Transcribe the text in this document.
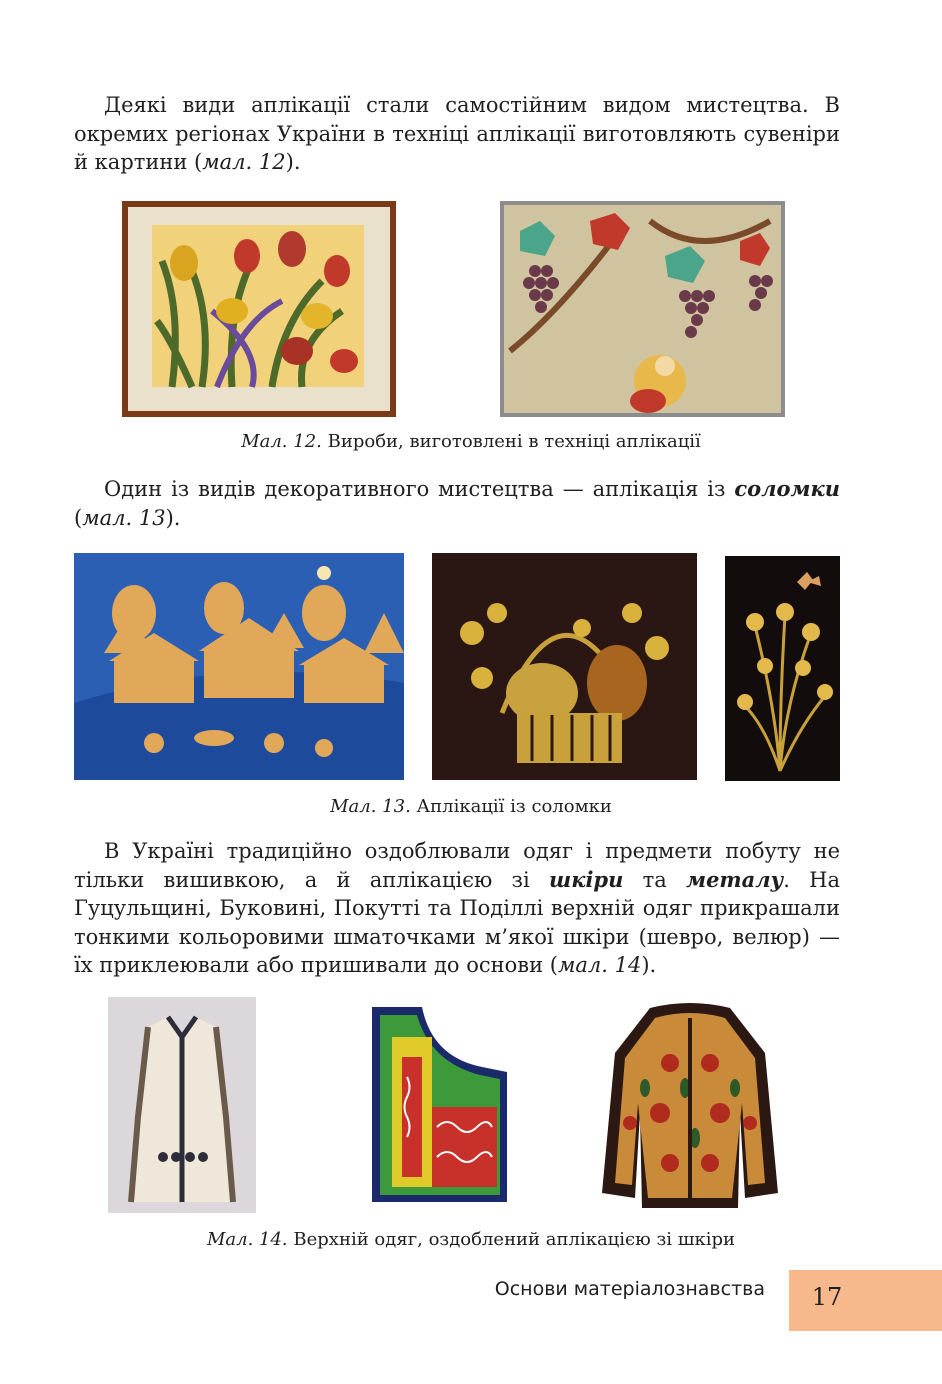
Деякі види аплікації стали самостійним видом мистецтва. В окремих регіонах України в техніці аплікації виготовляють сувеніри й картини (мал. 12).

Мал. 12. Вироби, виготовлені в техніці аплікації

Один із видів декоративного мистецтва — аплікація із соломки (мал. 13).

Мал. 13. Аплікації із соломки

В Україні традиційно оздоблювали одяг і предмети побуту не тільки вишивкою, а й аплікацією зі шкіри та металу. На Гуцульщині, Буковині, Покутті та Поділлі верхній одяг прикрашали тонкими кольоровими шматочками м’якої шкіри (шевро, велюр) — їх приклеювали або пришивали до основи (мал. 14).

Мал. 14. Верхній одяг, оздоблений аплікацією зі шкіри
Основи матеріалознавства	17
